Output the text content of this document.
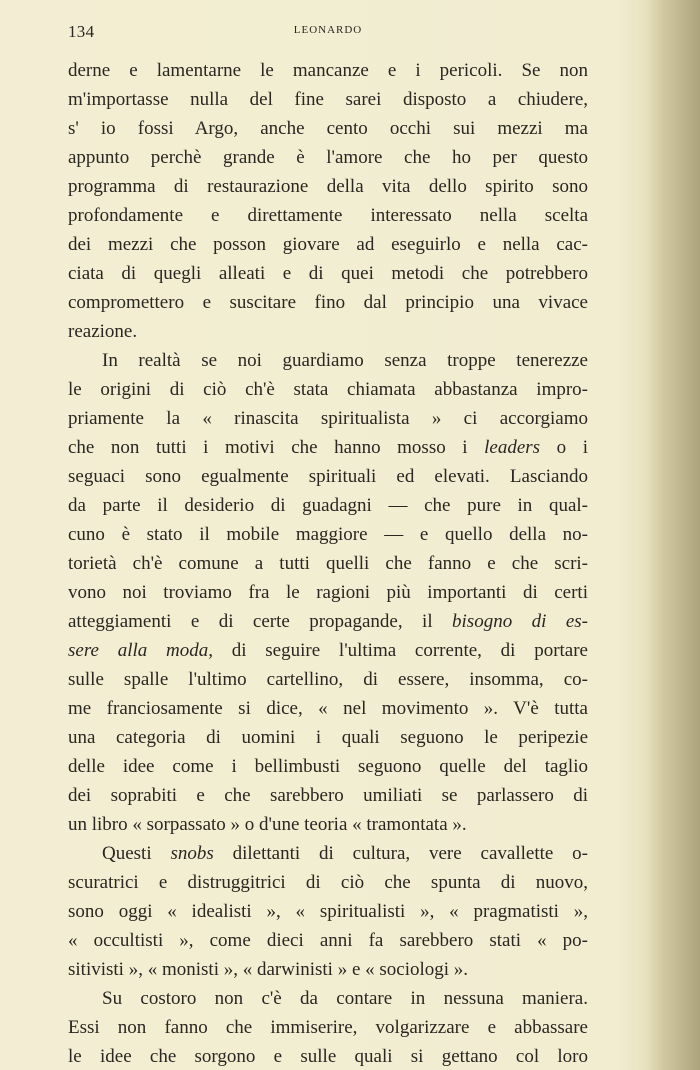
134	LEONARDO
derne e lamentarne le mancanze e i pericoli. Se non
m'importasse nulla del fine sarei disposto a chiudere,
s' io fossi Argo, anche cento occhi sui mezzi ma
appunto perchè grande è l'amore che ho per questo
programma di restaurazione della vita dello spirito sono
profondamente e direttamente interessato nella scelta
dei mezzi che posson giovare ad eseguirlo e nella cac-
ciata di quegli alleati e di quei metodi che potrebbero
compromettero e suscitare fino dal principio una vivace
reazione.
In realtà se noi guardiamo senza troppe tenerezze
le origini di ciò ch'è stata chiamata abbastanza impro-
priamente la « rinascita spiritualista » ci accorgiamo
che non tutti i motivi che hanno mosso i leaders o i
seguaci sono egualmente spirituali ed elevati. Lasciando
da parte il desiderio di guadagni — che pure in qual-
cuno è stato il mobile maggiore — e quello della no-
torietà ch'è comune a tutti quelli che fanno e che scri-
vono noi troviamo fra le ragioni più importanti di certi
atteggiamenti e di certe propagande, il bisogno di es-
sere alla moda, di seguire l'ultima corrente, di portare
sulle spalle l'ultimo cartellino, di essere, insomma, co-
me franciosamente si dice, « nel movimento ». V'è tutta
una categoria di uomini i quali seguono le peripezie
delle idee come i bellimbusti seguono quelle del taglio
dei soprabiti e che sarebbero umiliati se parlassero di
un libro « sorpassato » o d'une teoria « tramontata ».
Questi snobs dilettanti di cultura, vere cavallette o-
scuratrici e distruggitrici di ciò che spunta di nuovo,
sono oggi « idealisti », « spiritualisti », « pragmatisti »,
« occultisti », come dieci anni fa sarebbero stati « po-
sitivisti », « monisti », « darwinisti » e « sociologi ».
Su costoro non c'è da contare in nessuna maniera.
Essi non fanno che immiserire, volgarizzare e abbassare
le idee che sorgono e sulle quali si gettano col loro
